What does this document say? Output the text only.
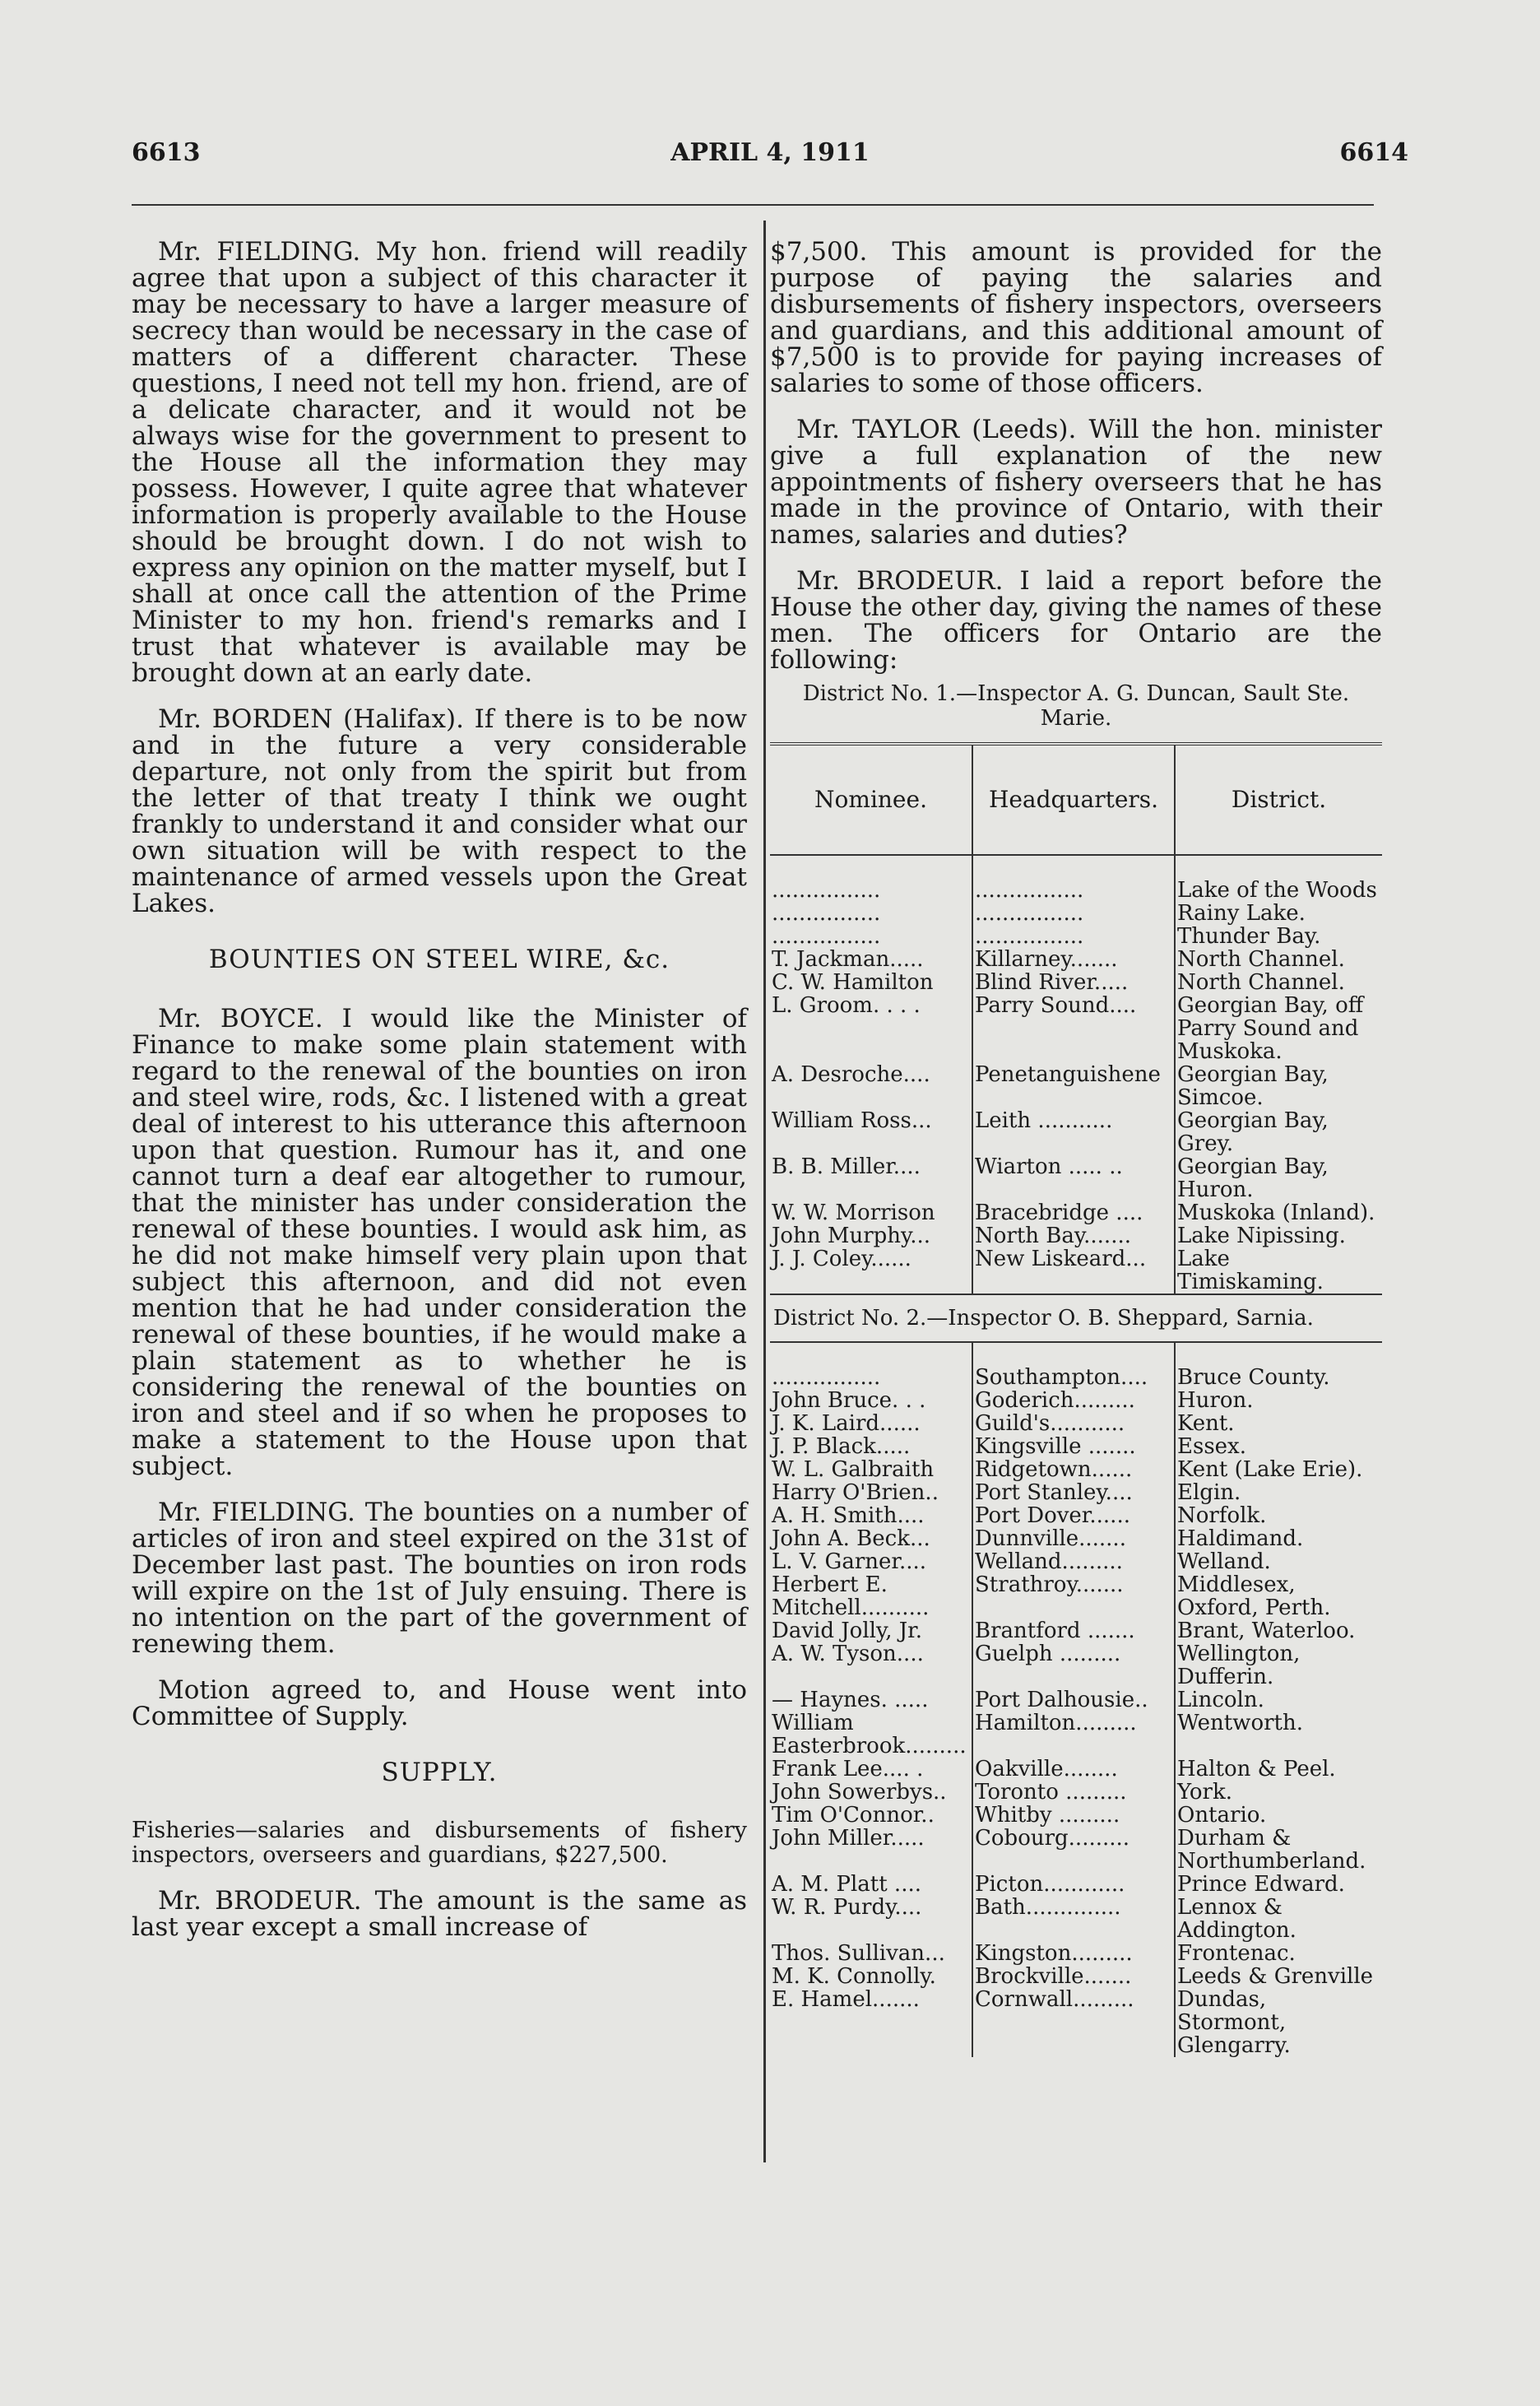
6613	APRIL 4, 1911	6614

Mr. FIELDING. My hon. friend will readily agree that upon a subject of this character it may be necessary to have a larger measure of secrecy than would be necessary in the case of matters of a different character. These questions, I need not tell my hon. friend, are of a delicate character, and it would not be always wise for the government to present to the House all the information they may possess. However, I quite agree that whatever information is properly available to the House should be brought down. I do not wish to express any opinion on the matter myself, but I shall at once call the attention of the Prime Minister to my hon. friend's remarks and I trust that whatever is available may be brought down at an early date.

Mr. BORDEN (Halifax). If there is to be now and in the future a very considerable departure, not only from the spirit but from the letter of that treaty I think we ought frankly to understand it and consider what our own situation will be with respect to the maintenance of armed vessels upon the Great Lakes.

BOUNTIES ON STEEL WIRE, &c.

Mr. BOYCE. I would like the Minister of Finance to make some plain statement with regard to the renewal of the bounties on iron and steel wire, rods, &c. I listened with a great deal of interest to his utterance this afternoon upon that question. Rumour has it, and one cannot turn a deaf ear altogether to rumour, that the minister has under consideration the renewal of these bounties. I would ask him, as he did not make himself very plain upon that subject this afternoon, and did not even mention that he had under consideration the renewal of these bounties, if he would make a plain statement as to whether he is considering the renewal of the bounties on iron and steel and if so when he proposes to make a statement to the House upon that subject.

Mr. FIELDING. The bounties on a number of articles of iron and steel expired on the 31st of December last past. The bounties on iron rods will expire on the 1st of July ensuing. There is no intention on the part of the government of renewing them.

Motion agreed to, and House went into Committee of Supply.

SUPPLY.

Fisheries—salaries and disbursements of fishery inspectors, overseers and guardians, $227,500.

Mr. BRODEUR. The amount is the same as last year except a small increase of

$7,500. This amount is provided for the purpose of paying the salaries and disbursements of fishery inspectors, overseers and guardians, and this additional amount of $7,500 is to provide for paying increases of salaries to some of those officers.

Mr. TAYLOR (Leeds). Will the hon. minister give a full explanation of the new appointments of fishery overseers that he has made in the province of Ontario, with their names, salaries and duties?

Mr. BRODEUR. I laid a report before the House the other day, giving the names of these men. The officers for Ontario are the following:

District No. 1.—Inspector A. G. Duncan, Sault Ste. Marie.
Nominee.	Headquarters.	District.

................	................	Lake of the Woods
................	................	Rainy Lake.
................	................	Thunder Bay.
T. Jackman.....	Killarney.......	North Channel.
C. W. Hamilton	Blind River.....	North Channel.
L. Groom. . . .	Parry Sound....	Georgian Bay, off Parry Sound and Muskoka.
A. Desroche....	Penetanguishene	Georgian Bay, Simcoe.
William Ross...	Leith ...........	Georgian Bay, Grey.
B. B. Miller....	Wiarton ..... ..	Georgian Bay, Huron.
W. W. Morrison	Bracebridge ....	Muskoka (Inland).
John Murphy...	North Bay.......	Lake Nipissing.
J. J. Coley......	New Liskeard...	Lake Timiskaming.
District No. 2.—Inspector O. B. Sheppard, Sarnia.		

................	Southampton....	Bruce County.
John Bruce. . .	Goderich.........	Huron.
J. K. Laird......	Guild's...........	Kent.
J. P. Black.....	Kingsville .......	Essex.
W. L. Galbraith	Ridgetown......	Kent (Lake Erie).
Harry O'Brien..	Port Stanley....	Elgin.
A. H. Smith....	Port Dover......	Norfolk.
John A. Beck...	Dunnville.......	Haldimand.
L. V. Garner....	Welland.........	Welland.
Herbert E. Mitchell..........	Strathroy.......	Middlesex, Oxford, Perth.
David Jolly, Jr.	Brantford .......	Brant, Waterloo.
A. W. Tyson....	Guelph .........	Wellington, Dufferin.
— Haynes. .....	Port Dalhousie..	Lincoln.
William Easterbrook.........	Hamilton.........	Wentworth.
Frank Lee.... .	Oakville........	Halton & Peel.
John Sowerbys..	Toronto .........	York.
Tim O'Connor..	Whitby .........	Ontario.
John Miller.....	Cobourg.........	Durham & Northumberland.
A. M. Platt ....	Picton............	Prince Edward.
W. R. Purdy....	Bath..............	Lennox & Addington.
Thos. Sullivan...	Kingston.........	Frontenac.
M. K. Connolly.	Brockville.......	Leeds & Grenville
E. Hamel.......	Cornwall.........	Dundas, Stormont, Glengarry.
